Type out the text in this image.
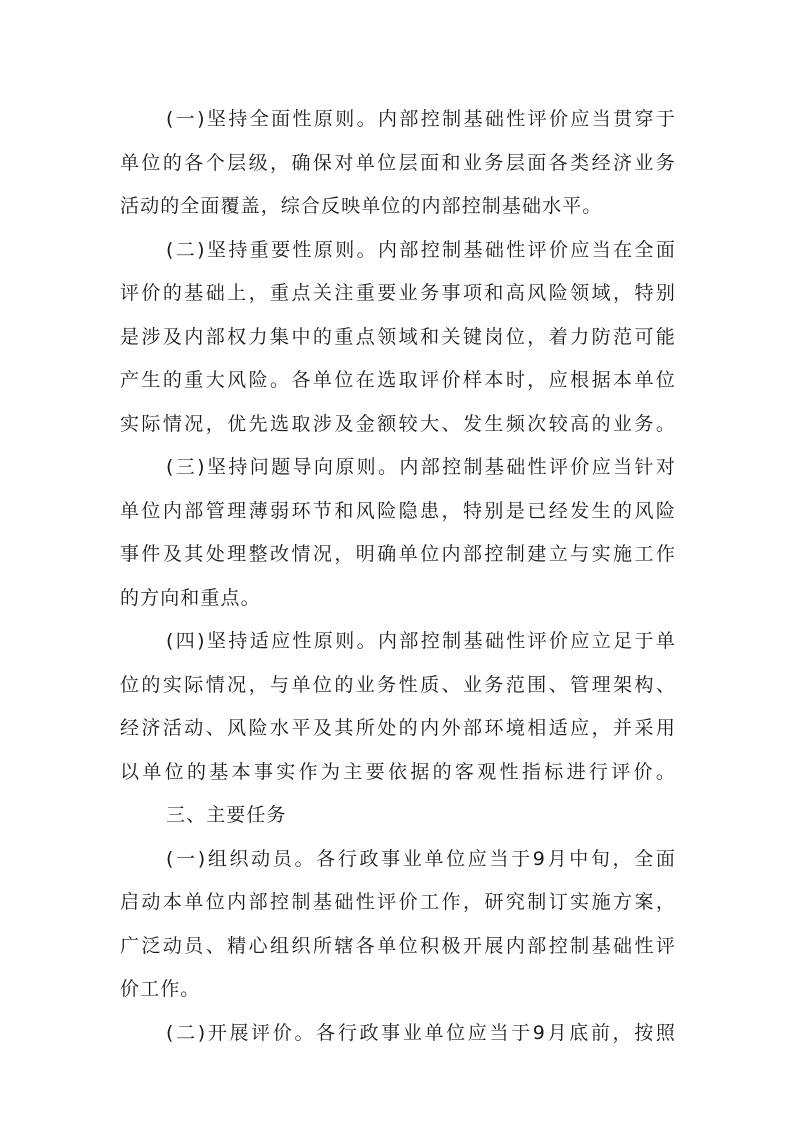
(一)坚持全面性原则。内部控制基础性评价应当贯穿于
单位的各个层级，确保对单位层面和业务层面各类经济业务
活动的全面覆盖，综合反映单位的内部控制基础水平。
(二)坚持重要性原则。内部控制基础性评价应当在全面
评价的基础上，重点关注重要业务事项和高风险领域，特别
是涉及内部权力集中的重点领域和关键岗位，着力防范可能
产生的重大风险。各单位在选取评价样本时，应根据本单位
实际情况，优先选取涉及金额较大、发生频次较高的业务。
(三)坚持问题导向原则。内部控制基础性评价应当针对
单位内部管理薄弱环节和风险隐患，特别是已经发生的风险
事件及其处理整改情况，明确单位内部控制建立与实施工作
的方向和重点。
(四)坚持适应性原则。内部控制基础性评价应立足于单
位的实际情况，与单位的业务性质、业务范围、管理架构、
经济活动、风险水平及其所处的内外部环境相适应，并采用
以单位的基本事实作为主要依据的客观性指标进行评价。
三、主要任务
(一)组织动员。各行政事业单位应当于9月中旬，全面
启动本单位内部控制基础性评价工作，研究制订实施方案，
广泛动员、精心组织所辖各单位积极开展内部控制基础性评
价工作。
(二)开展评价。各行政事业单位应当于9月底前，按照
